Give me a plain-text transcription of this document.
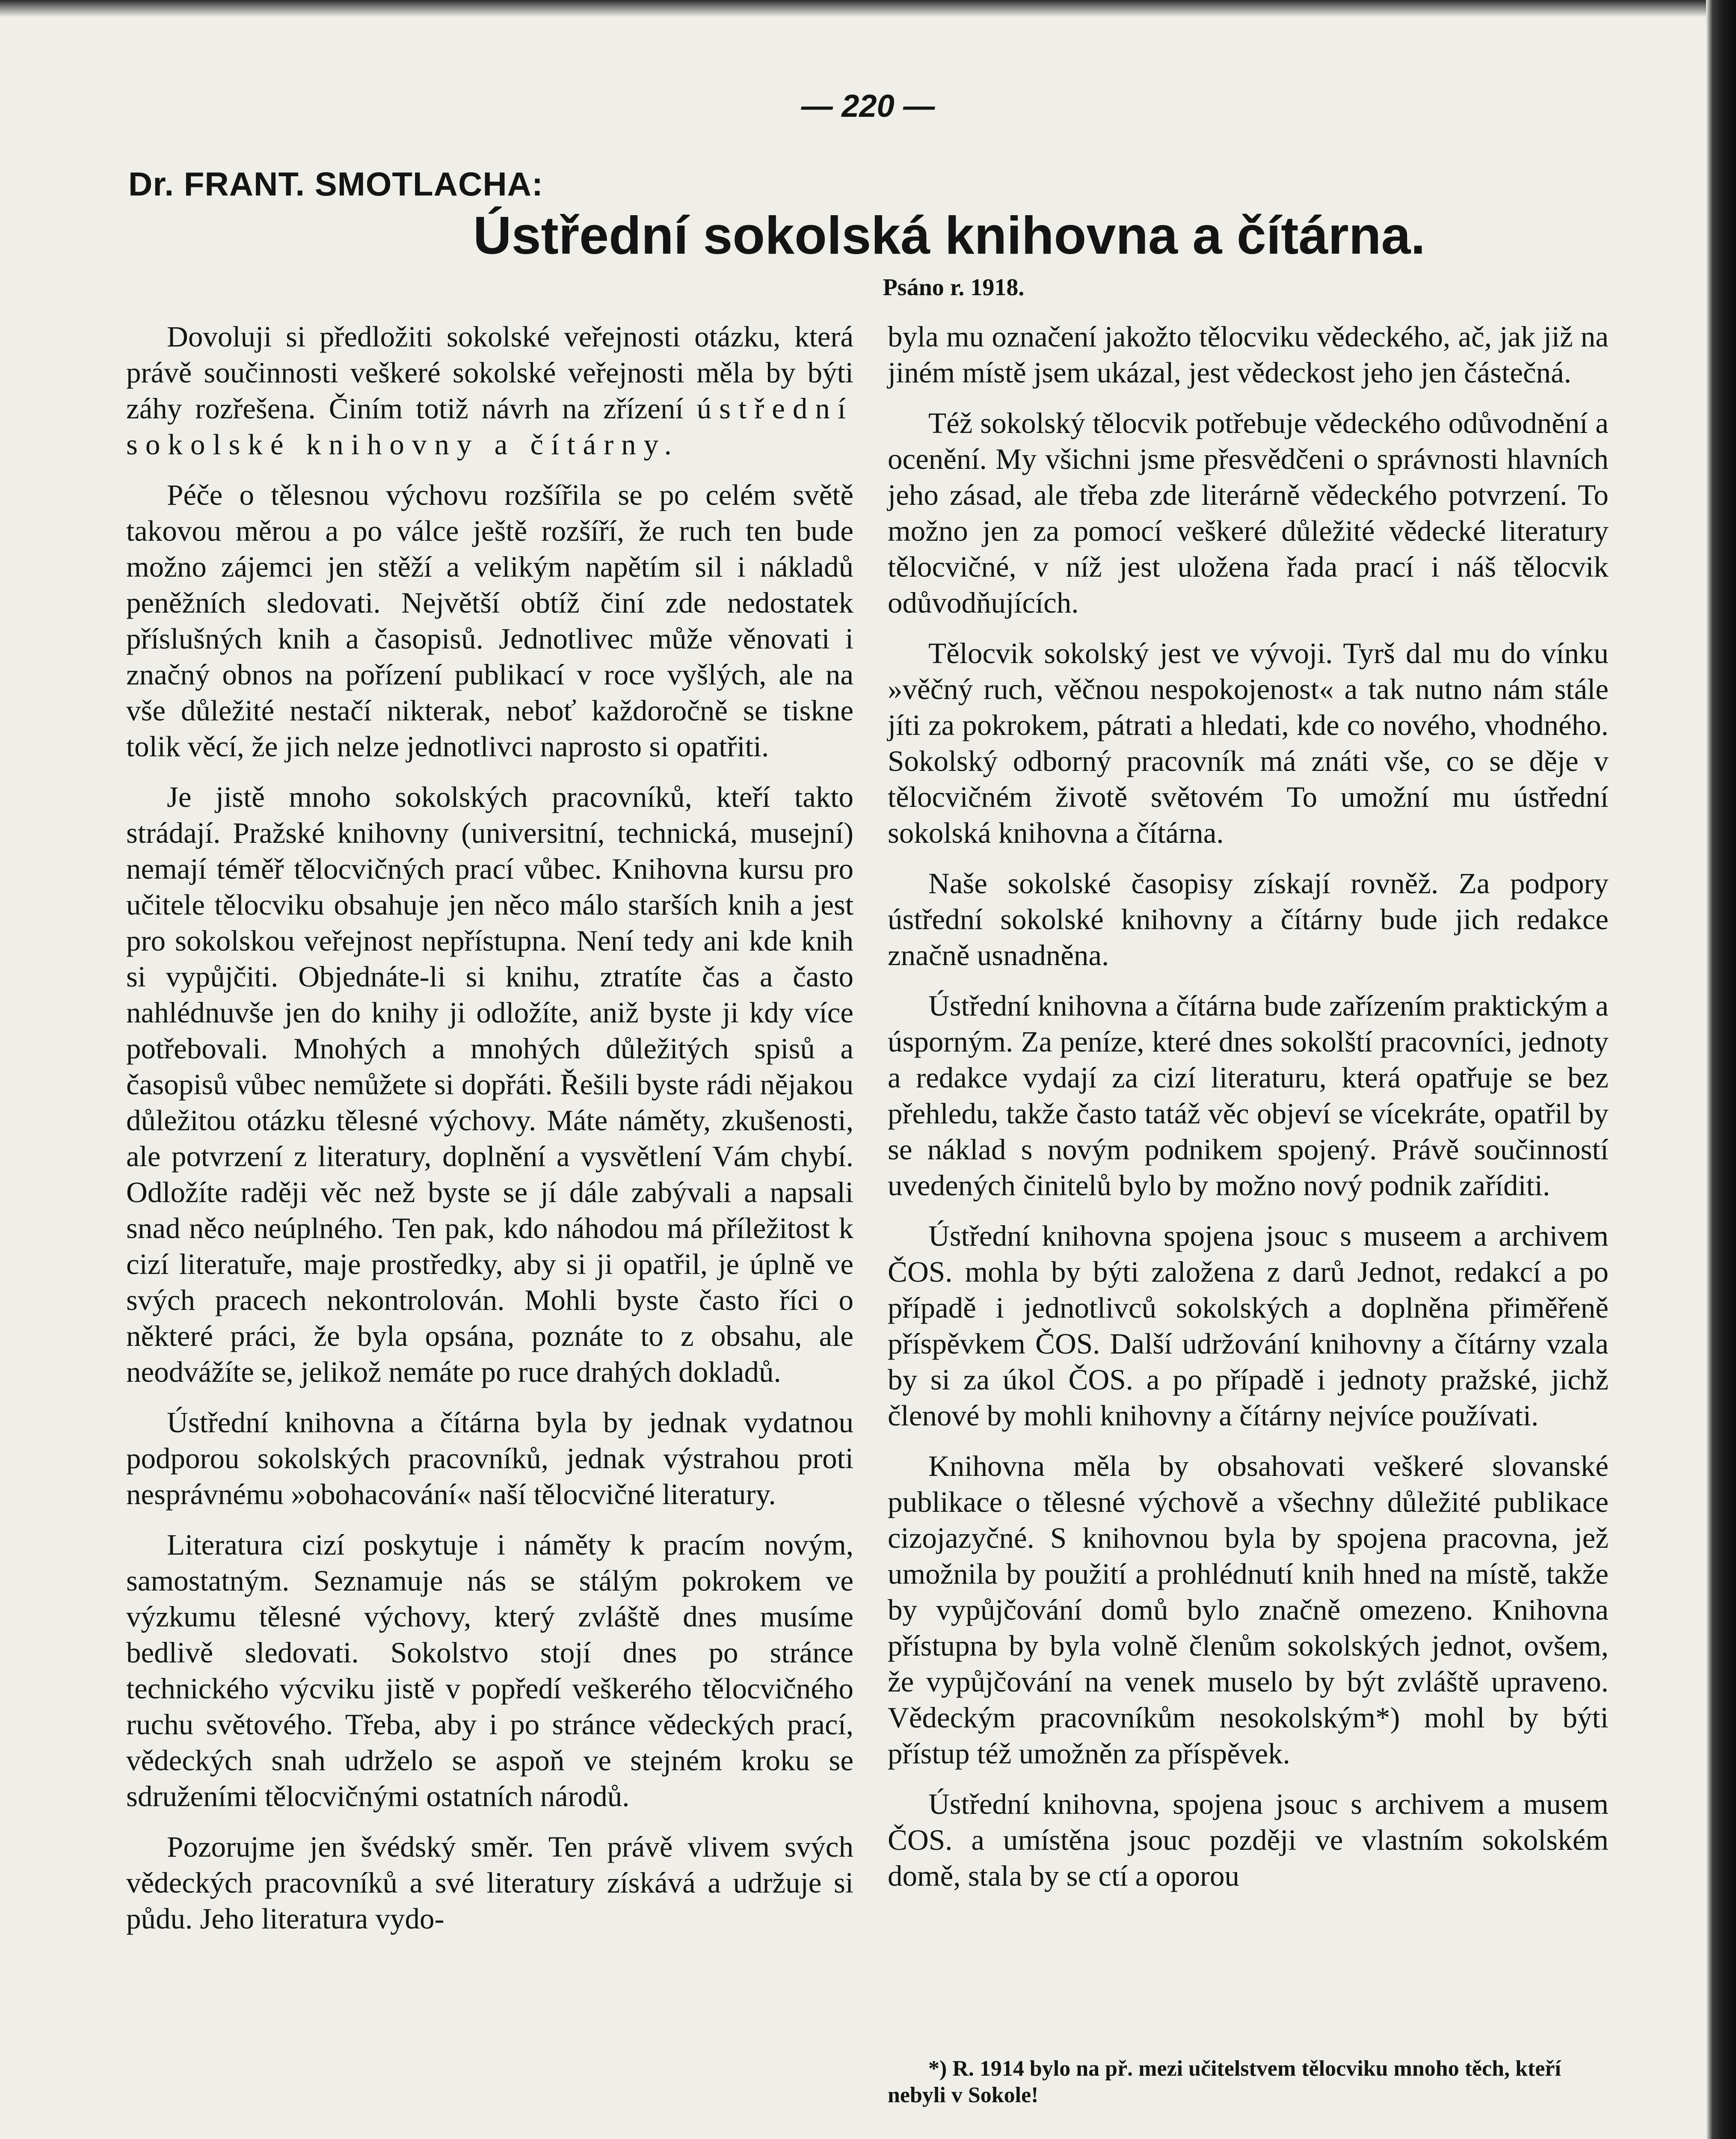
— 220 —
Dr. FRANT. SMOTLACHA:
Ústřední sokolská knihovna a čítárna.
Psáno r. 1918.

Dovoluji si předložiti sokolské veřejnosti otázku, která právě součinnosti veškeré sokolské veřejnosti měla by býti záhy rozřešena. Činím totiž návrh na zřízení ústřední sokolské knihovny a čítárny.

Péče o tělesnou výchovu rozšířila se po celém světě takovou měrou a po válce ještě rozšíří, že ruch ten bude možno zájemci jen stěží a velikým napětím sil i nákladů peněžních sledovati. Největší obtíž činí zde nedostatek příslušných knih a časopisů. Jednotlivec může věnovati i značný obnos na pořízení publikací v roce vyšlých, ale na vše důležité nestačí nikterak, neboť každoročně se tiskne tolik věcí, že jich nelze jednotlivci naprosto si opatřiti.

Je jistě mnoho sokolských pracovníků, kteří takto strádají. Pražské knihovny (universitní, technická, musejní) nemají téměř tělocvičných prací vůbec. Knihovna kursu pro učitele tělocviku obsahuje jen něco málo starších knih a jest pro sokolskou veřejnost nepřístupna. Není tedy ani kde knih si vypůjčiti. Objednáte-li si knihu, ztratíte čas a často nahlédnuvše jen do knihy ji odložíte, aniž byste ji kdy více potřebovali. Mnohých a mnohých důležitých spisů a časopisů vůbec nemůžete si dopřáti. Řešili byste rádi nějakou důležitou otázku tělesné výchovy. Máte náměty, zkušenosti, ale potvrzení z literatury, doplnění a vysvětlení Vám chybí. Odložíte raději věc než byste se jí dále zabývali a napsali snad něco neúplného. Ten pak, kdo náhodou má příležitost k cizí literatuře, maje prostředky, aby si ji opatřil, je úplně ve svých pracech nekontrolován. Mohli byste často říci o některé práci, že byla opsána, poznáte to z obsahu, ale neodvážíte se, jelikož nemáte po ruce drahých dokladů.

Ústřední knihovna a čítárna byla by jednak vydatnou podporou sokolských pracovníků, jednak výstrahou proti nesprávnému »obohacování« naší tělocvičné literatury.

Literatura cizí poskytuje i náměty k pracím novým, samostatným. Seznamuje nás se stálým pokrokem ve výzkumu tělesné výchovy, který zvláště dnes musíme bedlivě sledovati. Sokolstvo stojí dnes po stránce technického výcviku jistě v popředí veškerého tělocvičného ruchu světového. Třeba, aby i po stránce vědeckých prací, vědeckých snah udrželo se aspoň ve stejném kroku se sdruženími tělocvičnými ostatních národů.

Pozorujme jen švédský směr. Ten právě vlivem svých vědeckých pracovníků a své literatury získává a udržuje si půdu. Jeho literatura vydo-

byla mu označení jakožto tělocviku vědeckého, ač, jak již na jiném místě jsem ukázal, jest vědeckost jeho jen částečná.

Též sokolský tělocvik potřebuje vědeckého odůvodnění a ocenění. My všichni jsme přesvědčeni o správnosti hlavních jeho zásad, ale třeba zde literárně vědeckého potvrzení. To možno jen za pomocí veškeré důležité vědecké literatury tělocvičné, v níž jest uložena řada prací i náš tělocvik odůvodňujících.

Tělocvik sokolský jest ve vývoji. Tyrš dal mu do vínku »věčný ruch, věčnou nespokojenost« a tak nutno nám stále jíti za pokrokem, pátrati a hledati, kde co nového, vhodného. Sokolský odborný pracovník má znáti vše, co se děje v tělocvičném životě světovém To umožní mu ústřední sokolská knihovna a čítárna.

Naše sokolské časopisy získají rovněž. Za podpory ústřední sokolské knihovny a čítárny bude jich redakce značně usnadněna.

Ústřední knihovna a čítárna bude zařízením praktickým a úsporným. Za peníze, které dnes sokolští pracovníci, jednoty a redakce vydají za cizí literaturu, která opatřuje se bez přehledu, takže často tatáž věc objeví se vícekráte, opatřil by se náklad s novým podnikem spojený. Právě součinností uvedených činitelů bylo by možno nový podnik zaříditi.

Ústřední knihovna spojena jsouc s museem a archivem ČOS. mohla by býti založena z darů Jednot, redakcí a po případě i jednotlivců sokolských a doplněna přiměřeně příspěvkem ČOS. Další udržování knihovny a čítárny vzala by si za úkol ČOS. a po případě i jednoty pražské, jichž členové by mohli knihovny a čítárny nejvíce používati.

Knihovna měla by obsahovati veškeré slovanské publikace o tělesné výchově a všechny důležité publikace cizojazyčné. S knihovnou byla by spojena pracovna, jež umožnila by použití a prohlédnutí knih hned na místě, takže by vypůjčování domů bylo značně omezeno. Knihovna přístupna by byla volně členům sokolských jednot, ovšem, že vypůjčování na venek muselo by být zvláště upraveno. Vědeckým pracovníkům nesokolským*) mohl by býti přístup též umožněn za příspěvek.

Ústřední knihovna, spojena jsouc s archivem a musem ČOS. a umístěna jsouc později ve vlastním sokolském domě, stala by se ctí a oporou

*) R. 1914 bylo na př. mezi učitelstvem tělocviku mnoho těch, kteří nebyli v Sokole!
